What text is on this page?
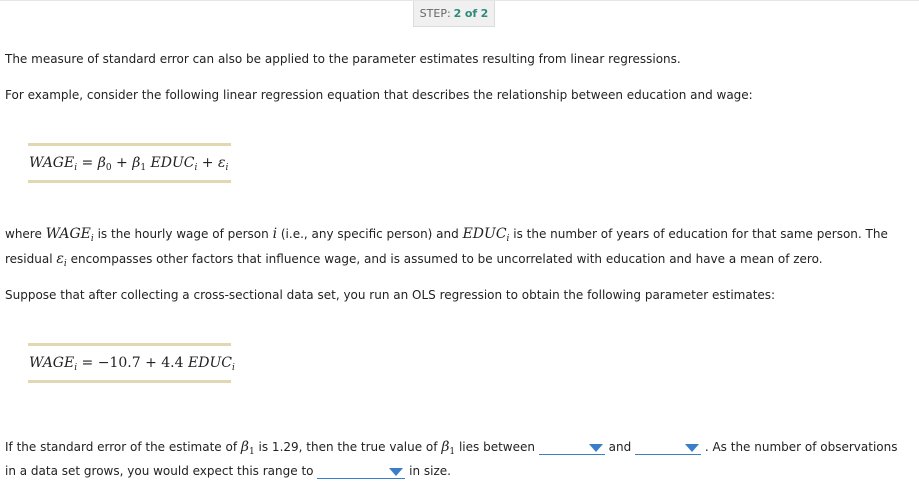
STEP: 2 of 2

The measure of standard error can also be applied to the parameter estimates resulting from linear regressions.

For example, consider the following linear regression equation that describes the relationship between education and wage:

$WAGE_i = \beta_0 + \beta_1$ $EDUC_i + \varepsilon_i$

where $WAGE_i$ is the hourly wage of person i (i.e., any specific person) and $EDUC_i$ is the number of years of education for that same person. The

residual $\varepsilon_i$ encompasses other factors that influence wage, and is assumed to be uncorrelated with education and have a mean of zero.

Suppose that after collecting a cross-sectional data set, you run an OLS regression to obtain the following parameter estimates:

$WAGE_i = -10.7 + 4.4$ $EDUC_i$

If the standard error of the estimate of $\beta_1$ is 1.29, then the true value of $\beta_1$ lies between	and	. As the number of observations

in a data set grows, you would expect this range to	in size.
